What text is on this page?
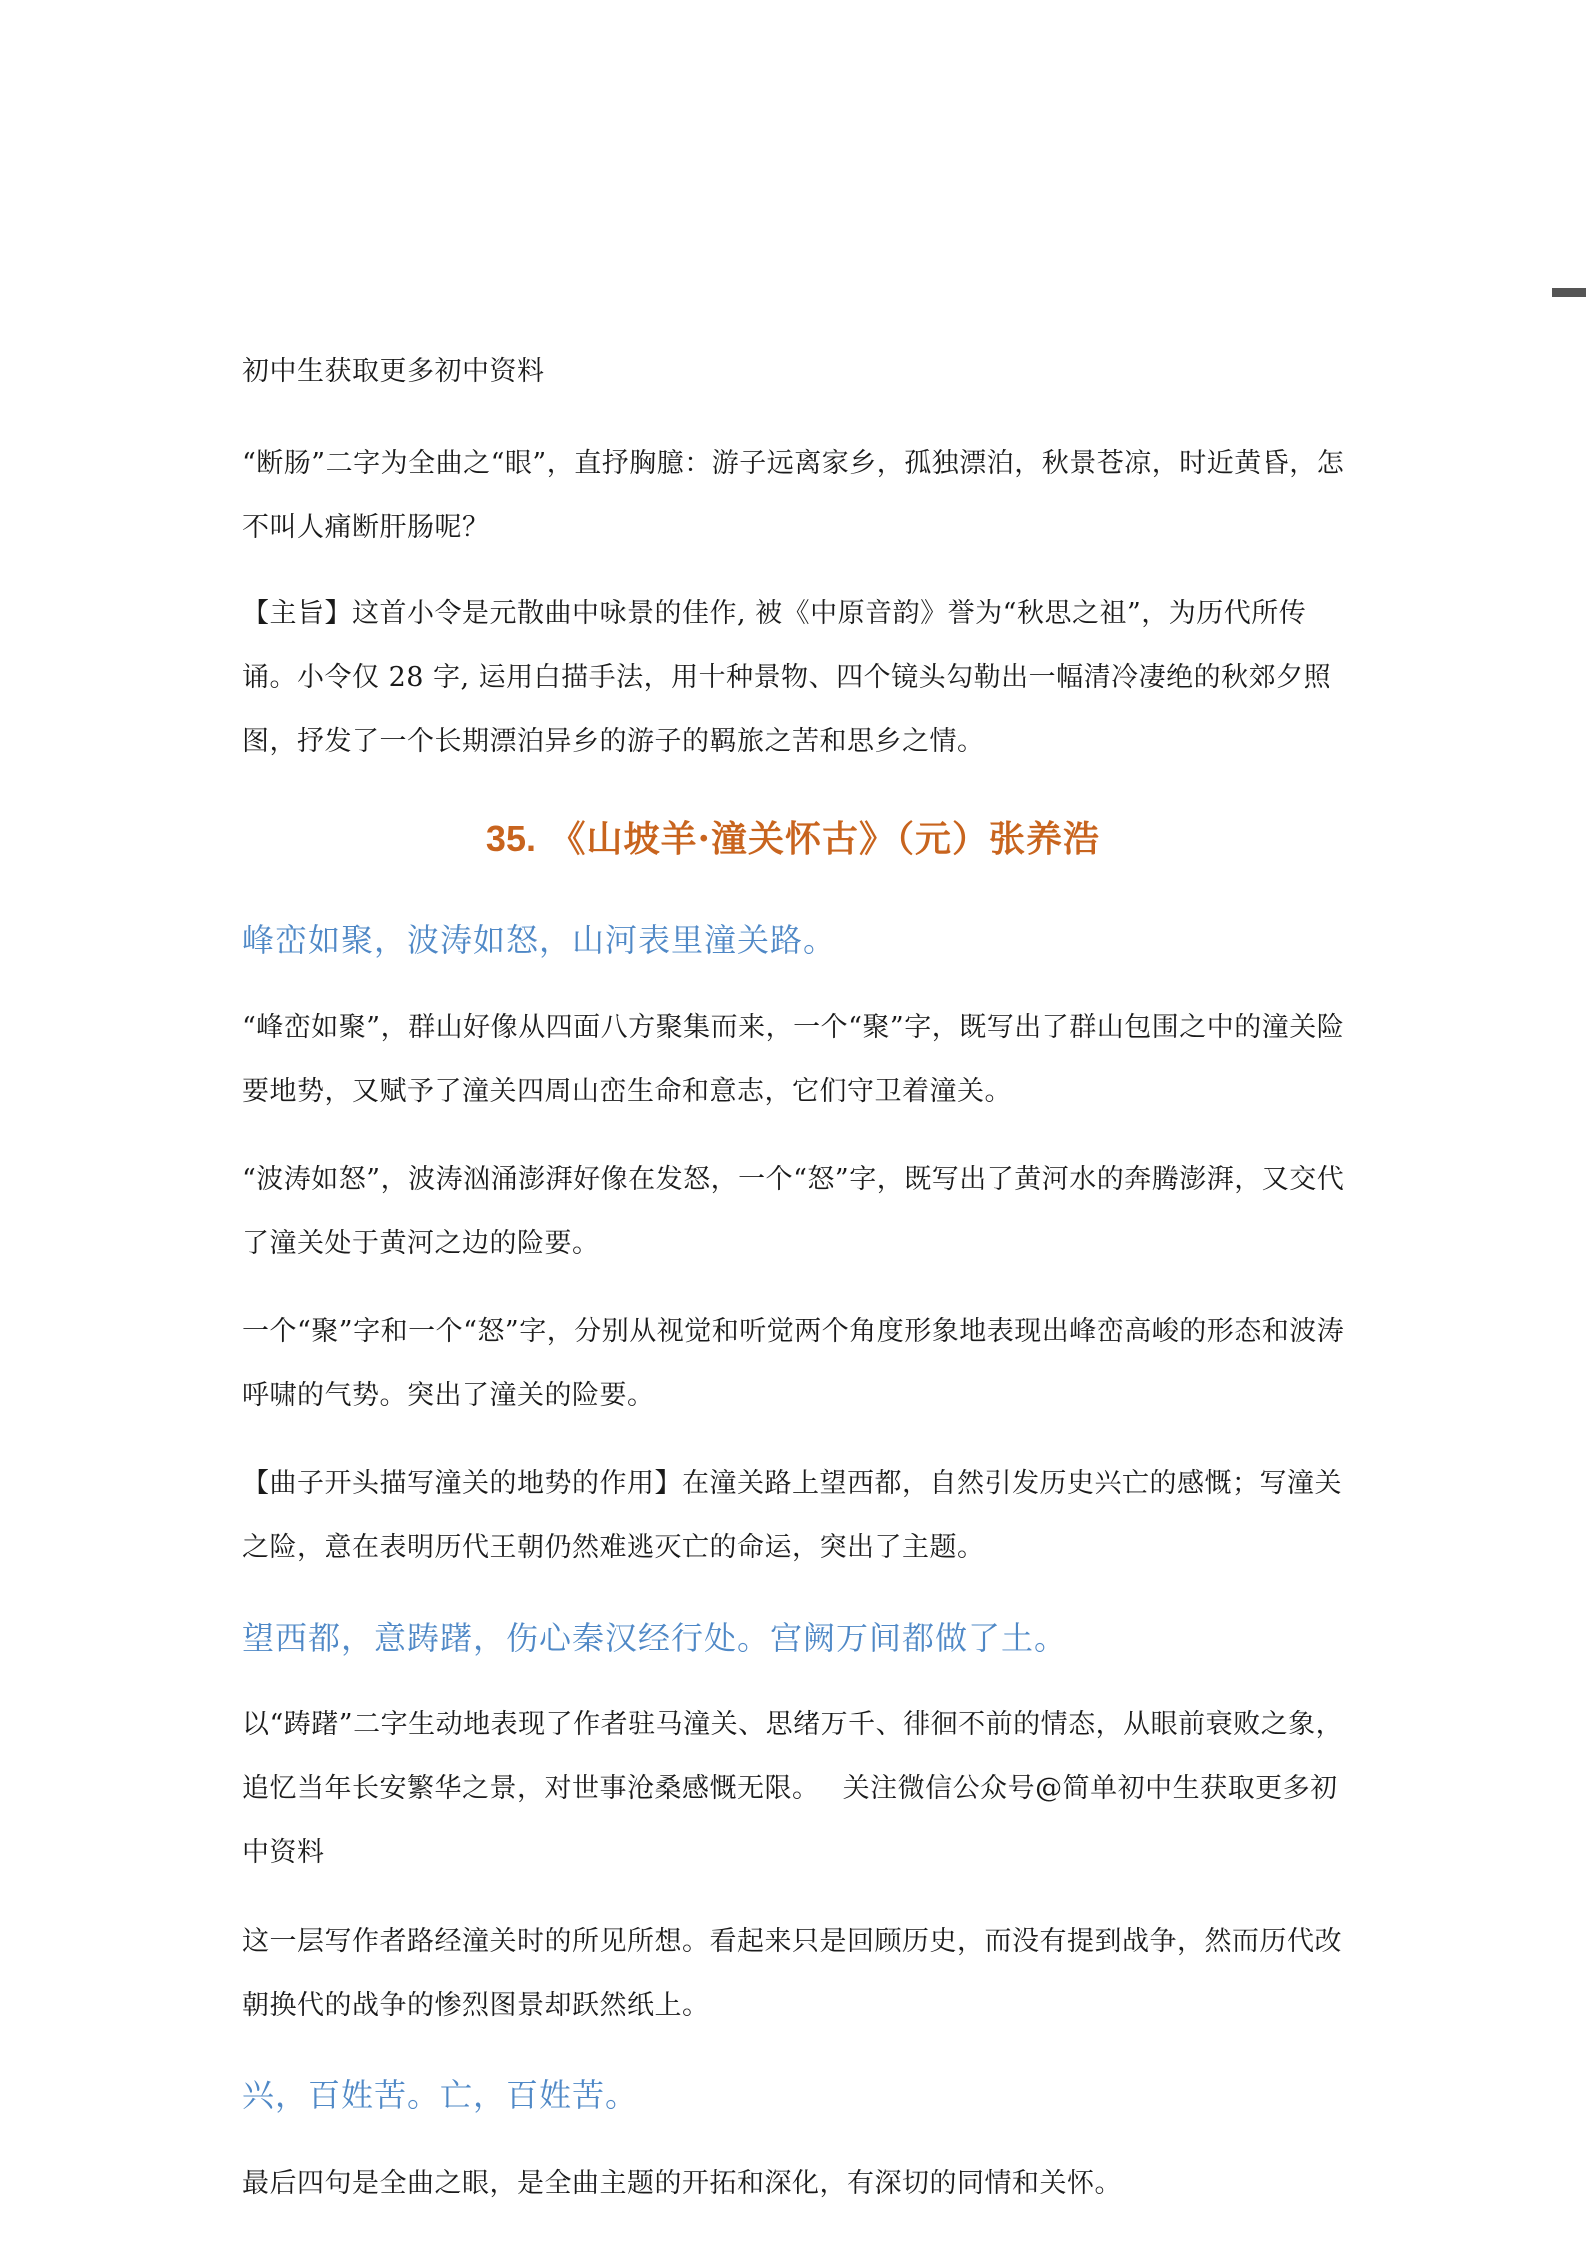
初中生获取更多初中资料

“断肠”二字为全曲之“眼”，直抒胸臆：游子远离家乡，孤独漂泊，秋景苍凉，时近黄昏，怎不叫人痛断肝肠呢？

【主旨】这首小令是元散曲中咏景的佳作, 被《中原音韵》誉为“秋思之祖”，为历代所传诵。小令仅 28 字, 运用白描手法，用十种景物、四个镜头勾勒出一幅清冷凄绝的秋郊夕照图，抒发了一个长期漂泊异乡的游子的羁旅之苦和思乡之情。

35. 《山坡羊·潼关怀古》（元）张养浩

峰峦如聚，波涛如怒，山河表里潼关路。

“峰峦如聚”，群山好像从四面八方聚集而来，一个“聚”字，既写出了群山包围之中的潼关险要地势，又赋予了潼关四周山峦生命和意志，它们守卫着潼关。

“波涛如怒”，波涛汹涌澎湃好像在发怒，一个“怒”字，既写出了黄河水的奔腾澎湃，又交代了潼关处于黄河之边的险要。

一个“聚”字和一个“怒”字，分别从视觉和听觉两个角度形象地表现出峰峦高峻的形态和波涛呼啸的气势。突出了潼关的险要。

【曲子开头描写潼关的地势的作用】在潼关路上望西都，自然引发历史兴亡的感慨；写潼关之险，意在表明历代王朝仍然难逃灭亡的命运，突出了主题。

望西都，意踌躇，伤心秦汉经行处。宫阙万间都做了土。

以“踌躇”二字生动地表现了作者驻马潼关、思绪万千、徘徊不前的情态，从眼前衰败之象，追忆当年长安繁华之景，对世事沧桑感慨无限。　 关注微信公众号@简单初中生获取更多初中资料

这一层写作者路经潼关时的所见所想。看起来只是回顾历史，而没有提到战争，然而历代改朝换代的战争的惨烈图景却跃然纸上。

兴，百姓苦。亡，百姓苦。

最后四句是全曲之眼，是全曲主题的开拓和深化，有深切的同情和关怀。
